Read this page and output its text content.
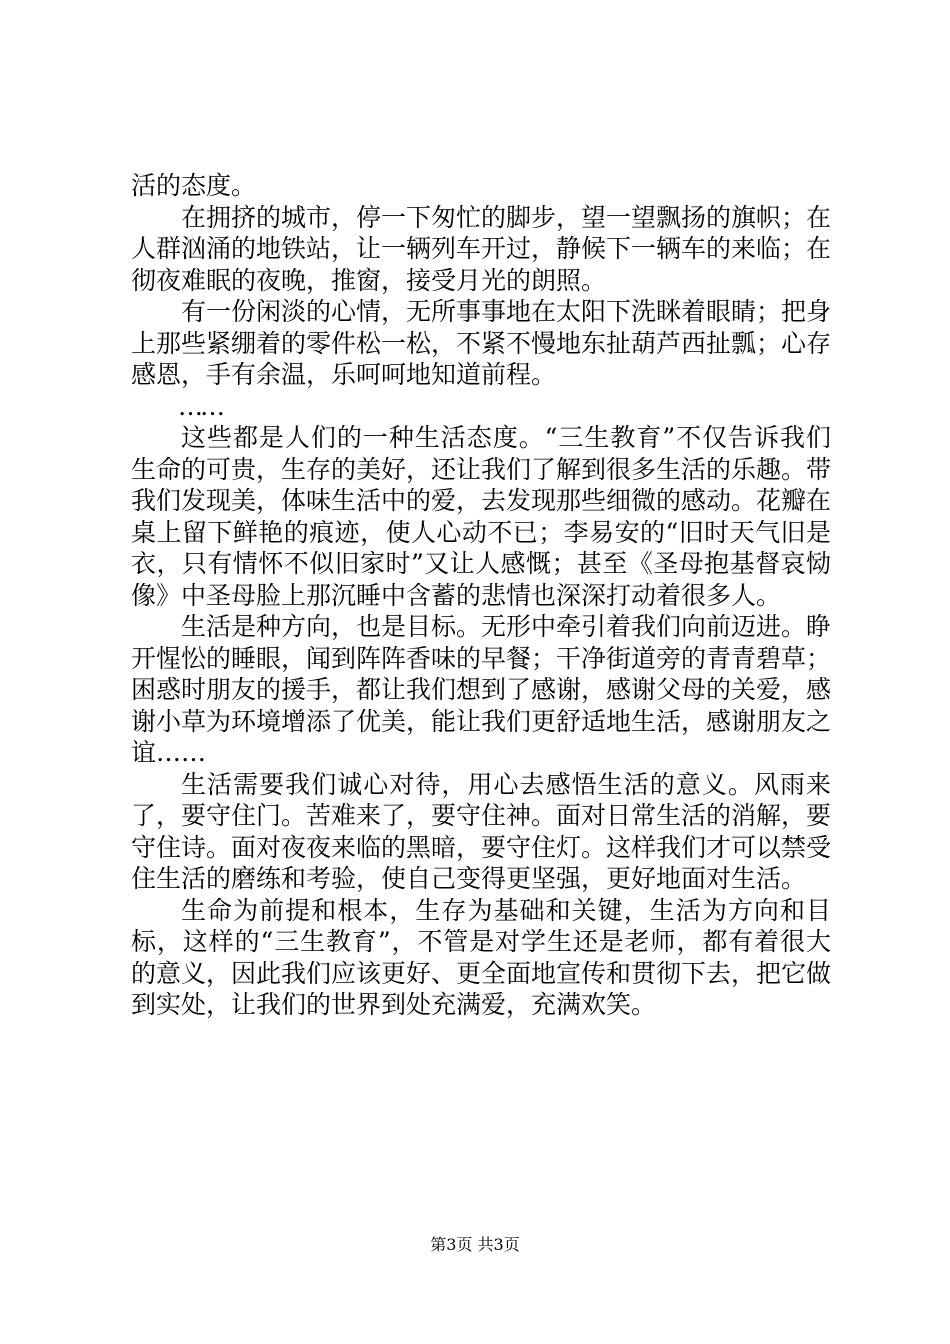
活的态度。

在拥挤的城市，停一下匆忙的脚步，望一望飘扬的旗帜；在人群汹涌的地铁站，让一辆列车开过，静候下一辆车的来临；在彻夜难眠的夜晚，推窗，接受月光的朗照。

有一份闲淡的心情，无所事事地在太阳下洗眯着眼睛；把身上那些紧绷着的零件松一松，不紧不慢地东扯葫芦西扯瓢；心存感恩，手有余温，乐呵呵地知道前程。

……

这些都是人们的一种生活态度。“三生教育”不仅告诉我们生命的可贵，生存的美好，还让我们了解到很多生活的乐趣。带我们发现美，体味生活中的爱，去发现那些细微的感动。花瓣在桌上留下鲜艳的痕迹，使人心动不已；李易安的“旧时天气旧是衣，只有情怀不似旧家时”又让人感慨；甚至《圣母抱基督哀恸像》中圣母脸上那沉睡中含蓄的悲情也深深打动着很多人。

生活是种方向，也是目标。无形中牵引着我们向前迈进。睁开惺忪的睡眼，闻到阵阵香味的早餐；干净街道旁的青青碧草；困惑时朋友的援手，都让我们想到了感谢，感谢父母的关爱，感谢小草为环境增添了优美，能让我们更舒适地生活，感谢朋友之谊……

生活需要我们诚心对待，用心去感悟生活的意义。风雨来了，要守住门。苦难来了，要守住神。面对日常生活的消解，要守住诗。面对夜夜来临的黑暗，要守住灯。这样我们才可以禁受住生活的磨练和考验，使自己变得更坚强，更好地面对生活。

生命为前提和根本，生存为基础和关键，生活为方向和目标，这样的“三生教育”，不管是对学生还是老师，都有着很大的意义，因此我们应该更好、更全面地宣传和贯彻下去，把它做到实处，让我们的世界到处充满爱，充满欢笑。

第3页 共3页
